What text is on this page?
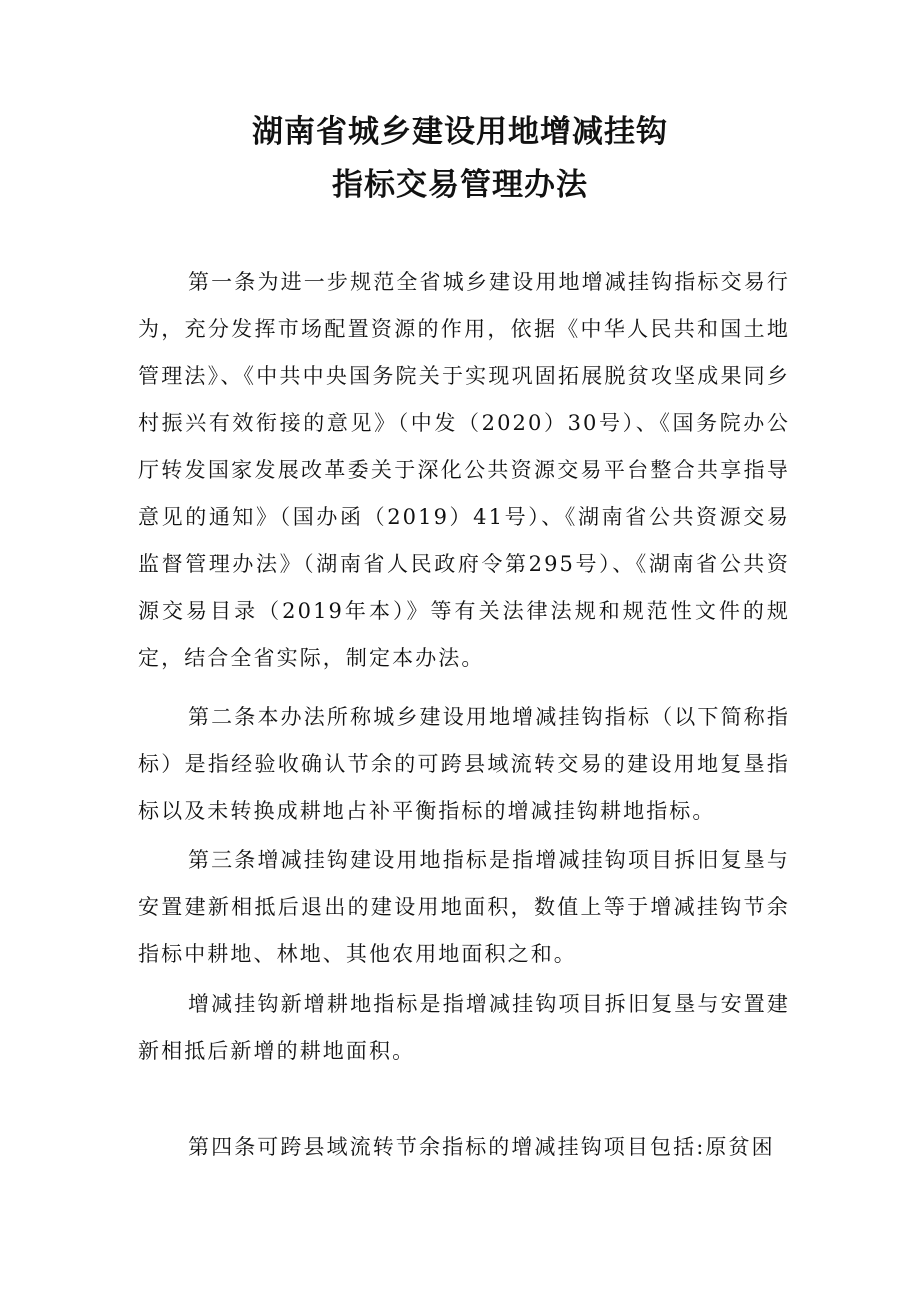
湖南省城乡建设用地增减挂钩
指标交易管理办法

第一条为进一步规范全省城乡建设用地增减挂钩指标交易行为，充分发挥市场配置资源的作用，依据《中华人民共和国土地管理法》、《中共中央国务院关于实现巩固拓展脱贫攻坚成果同乡村振兴有效衔接的意见》（中发（2020）30号）、《国务院办公厅转发国家发展改革委关于深化公共资源交易平台整合共享指导意见的通知》（国办函（2019）41号）、《湖南省公共资源交易监督管理办法》（湖南省人民政府令第295号）、《湖南省公共资源交易目录（2019年本）》等有关法律法规和规范性文件的规定，结合全省实际，制定本办法。

第二条本办法所称城乡建设用地增减挂钩指标（以下简称指标）是指经验收确认节余的可跨县域流转交易的建设用地复垦指标以及未转换成耕地占补平衡指标的增减挂钩耕地指标。

第三条增减挂钩建设用地指标是指增减挂钩项目拆旧复垦与安置建新相抵后退出的建设用地面积，数值上等于增减挂钩节余指标中耕地、林地、其他农用地面积之和。

增减挂钩新增耕地指标是指增减挂钩项目拆旧复垦与安置建新相抵后新增的耕地面积。

第四条可跨县域流转节余指标的增减挂钩项目包括:原贫困
